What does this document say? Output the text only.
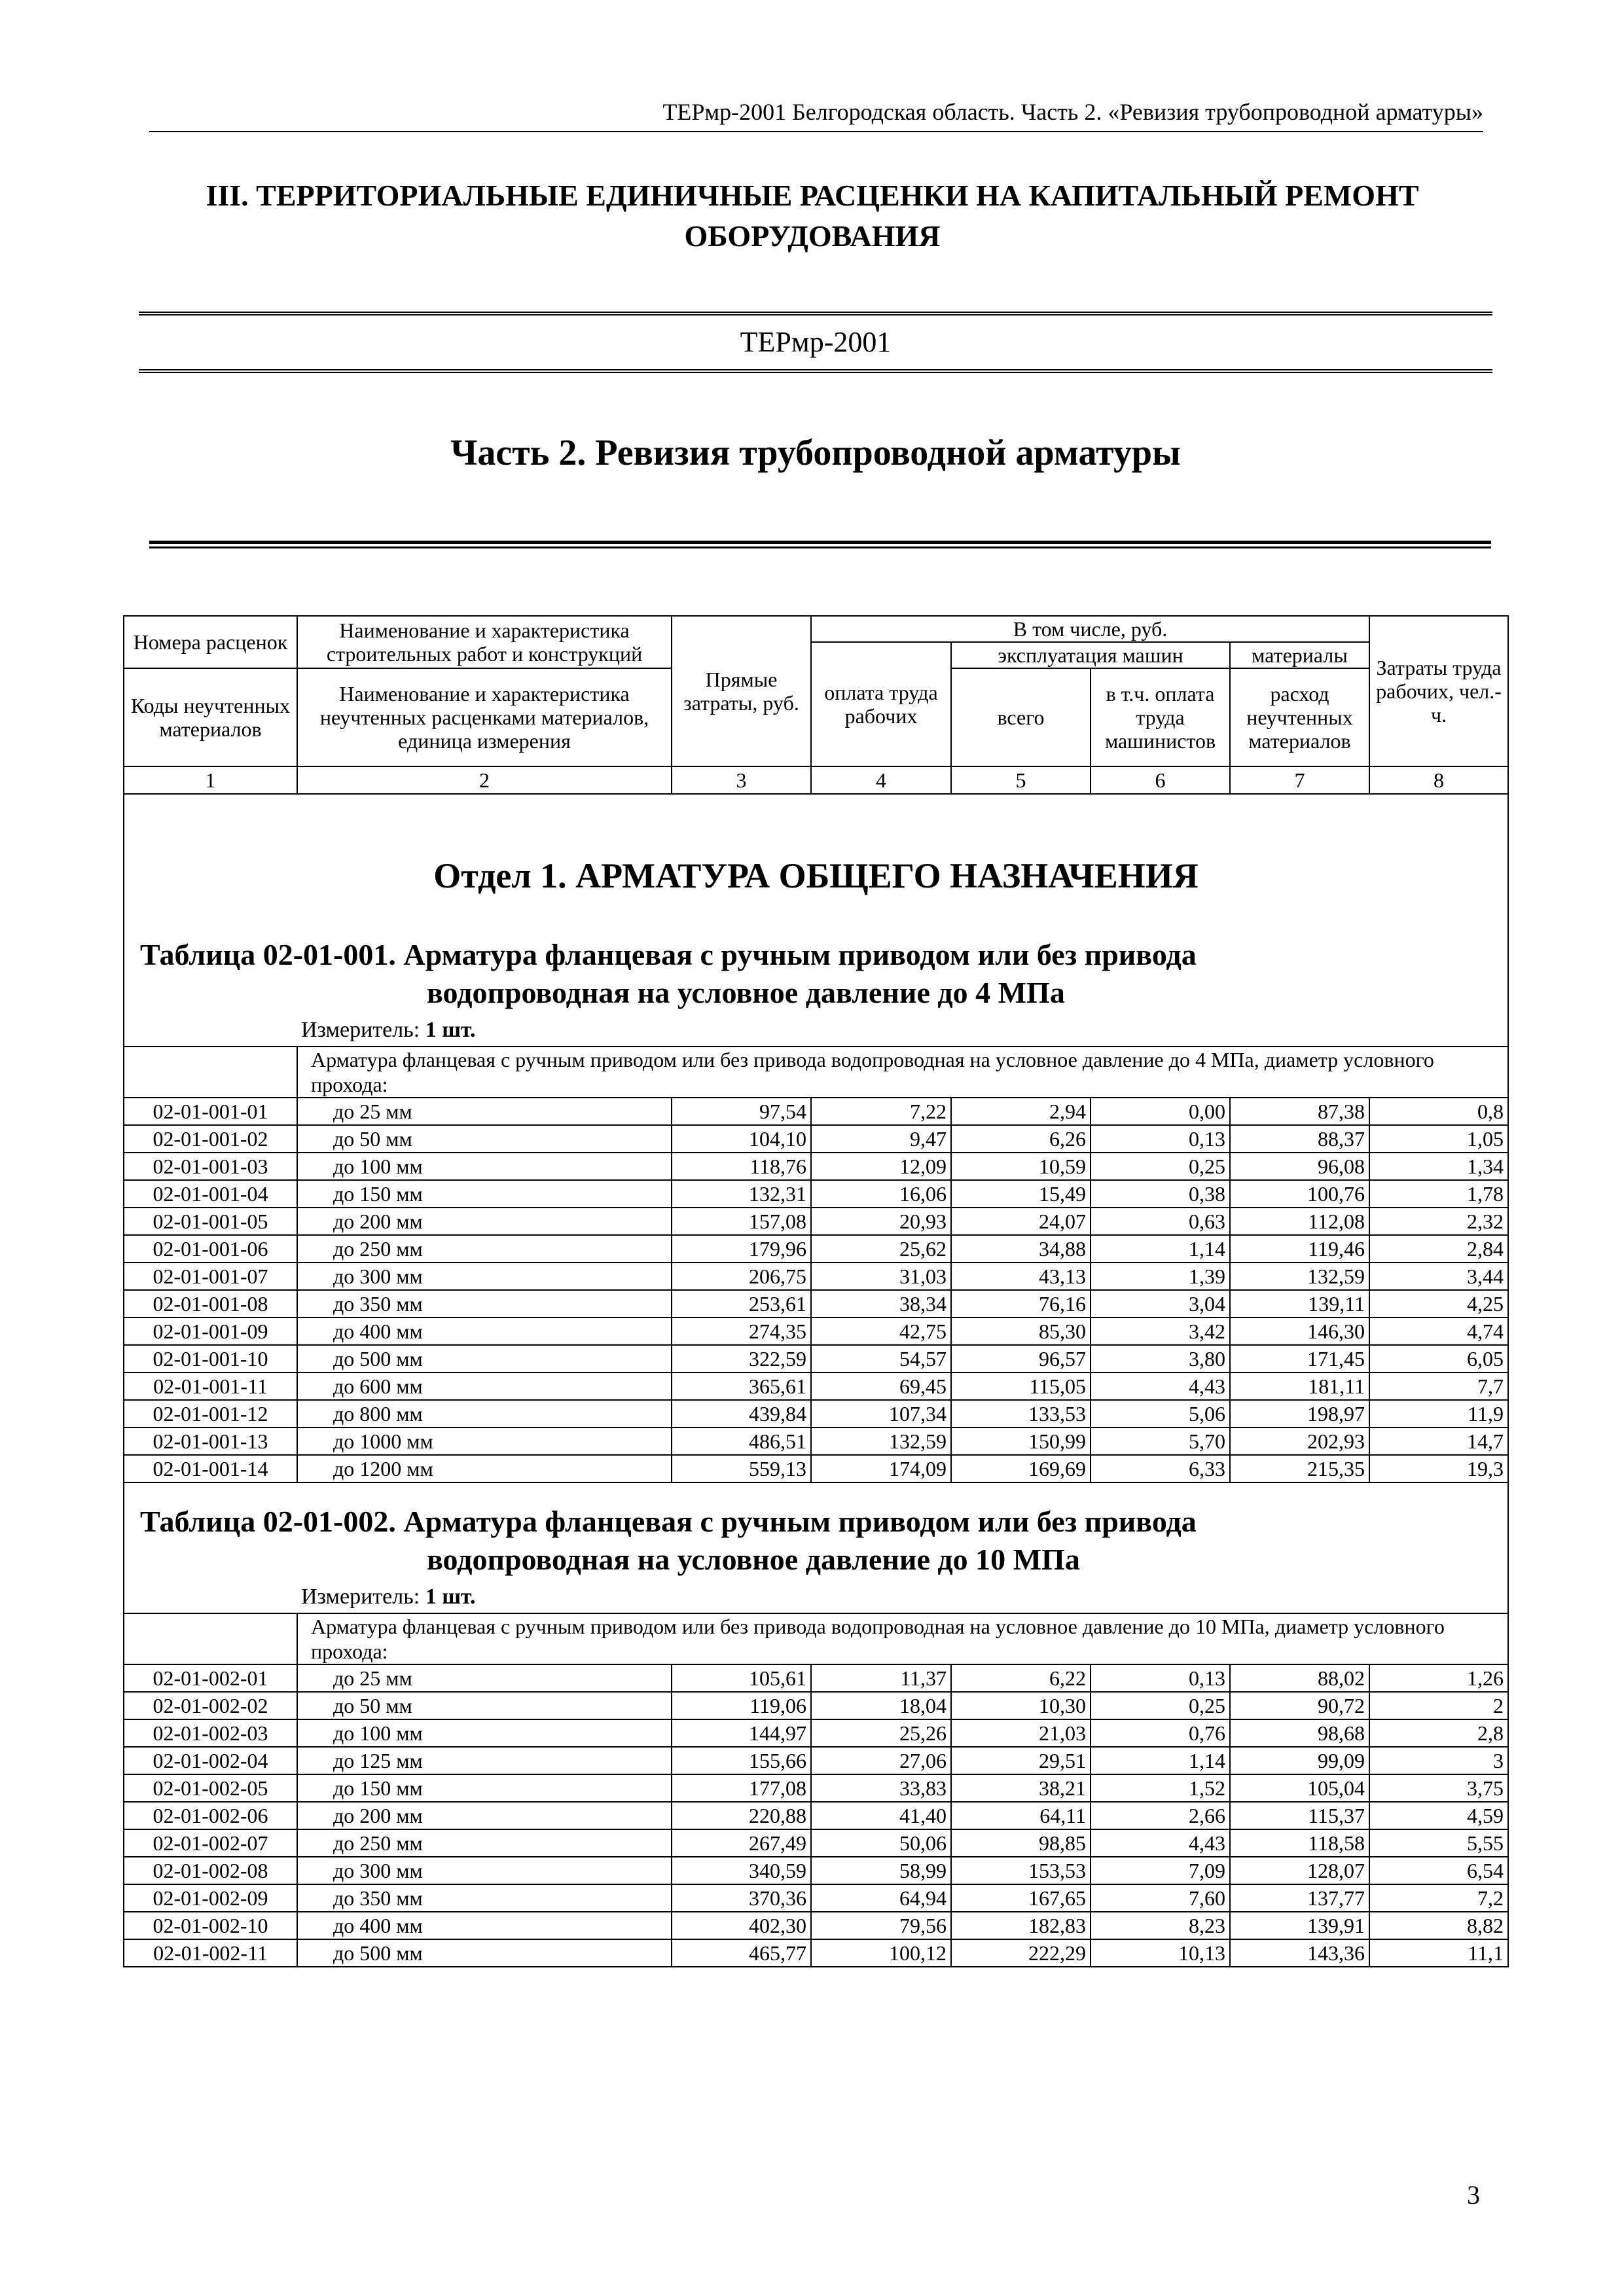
ТЕРмр-2001 Белгородская область. Часть 2. «Ревизия трубопроводной арматуры»
III. ТЕРРИТОРИАЛЬНЫЕ ЕДИНИЧНЫЕ РАСЦЕНКИ НА КАПИТАЛЬНЫЙ РЕМОНТ ОБОРУДОВАНИЯ
ТЕРмр-2001
Часть 2. Ревизия трубопроводной арматуры
Номера расценок	Наименование и характеристика строительных работ и конструкций	Прямые затраты, руб.	В том числе, руб.				Затраты труда рабочих, чел.-ч.
			оплата труда рабочих	эксплуатация машин		материалы	
Коды неучтенных материалов	Наименование и характеристика неучтенных расценками материалов, единица измерения			всего	в т.ч. оплата труда машинистов	расход неучтенных материалов	

1	2	3	4	5	6	7	8

Отдел 1. АРМАТУРА ОБЩЕГО НАЗНАЧЕНИЯ
Таблица 02-01-001. Арматура фланцевая с ручным приводом или без привода
водопроводная на условное давление до 4 МПа
Измеритель: 1 шт.							

	Арматура фланцевая с ручным приводом или без привода водопроводная на условное давление до 4 МПа, диаметр условного прохода:						
02-01-001-01	до 25 мм	97,54	7,22	2,94	0,00	87,38	0,8
02-01-001-02	до 50 мм	104,10	9,47	6,26	0,13	88,37	1,05
02-01-001-03	до 100 мм	118,76	12,09	10,59	0,25	96,08	1,34
02-01-001-04	до 150 мм	132,31	16,06	15,49	0,38	100,76	1,78
02-01-001-05	до 200 мм	157,08	20,93	24,07	0,63	112,08	2,32
02-01-001-06	до 250 мм	179,96	25,62	34,88	1,14	119,46	2,84
02-01-001-07	до 300 мм	206,75	31,03	43,13	1,39	132,59	3,44
02-01-001-08	до 350 мм	253,61	38,34	76,16	3,04	139,11	4,25
02-01-001-09	до 400 мм	274,35	42,75	85,30	3,42	146,30	4,74
02-01-001-10	до 500 мм	322,59	54,57	96,57	3,80	171,45	6,05
02-01-001-11	до 600 мм	365,61	69,45	115,05	4,43	181,11	7,7
02-01-001-12	до 800 мм	439,84	107,34	133,53	5,06	198,97	11,9
02-01-001-13	до 1000 мм	486,51	132,59	150,99	5,70	202,93	14,7
02-01-001-14	до 1200 мм	559,13	174,09	169,69	6,33	215,35	19,3

Таблица 02-01-002. Арматура фланцевая с ручным приводом или без привода
водопроводная на условное давление до 10 МПа
Измеритель: 1 шт.							

	Арматура фланцевая с ручным приводом или без привода водопроводная на условное давление до 10 МПа, диаметр условного прохода:						
02-01-002-01	до 25 мм	105,61	11,37	6,22	0,13	88,02	1,26
02-01-002-02	до 50 мм	119,06	18,04	10,30	0,25	90,72	2
02-01-002-03	до 100 мм	144,97	25,26	21,03	0,76	98,68	2,8
02-01-002-04	до 125 мм	155,66	27,06	29,51	1,14	99,09	3
02-01-002-05	до 150 мм	177,08	33,83	38,21	1,52	105,04	3,75
02-01-002-06	до 200 мм	220,88	41,40	64,11	2,66	115,37	4,59
02-01-002-07	до 250 мм	267,49	50,06	98,85	4,43	118,58	5,55
02-01-002-08	до 300 мм	340,59	58,99	153,53	7,09	128,07	6,54
02-01-002-09	до 350 мм	370,36	64,94	167,65	7,60	137,77	7,2
02-01-002-10	до 400 мм	402,30	79,56	182,83	8,23	139,91	8,82
02-01-002-11	до 500 мм	465,77	100,12	222,29	10,13	143,36	11,1
3
